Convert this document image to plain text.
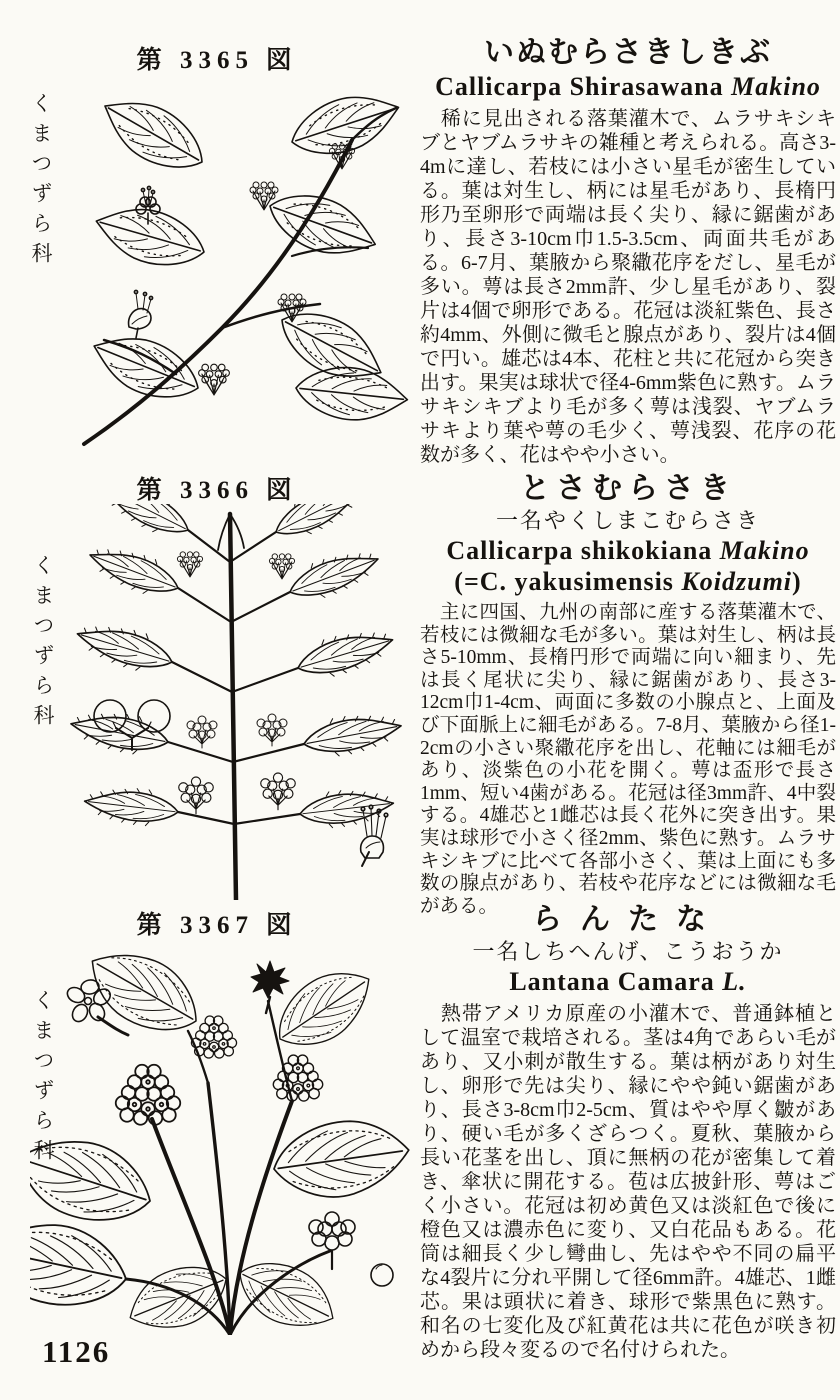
第 3365 図
くまつずら科
いぬむらさきしきぶ
Callicarpa Shirasawana Makino

　稀に見出される落葉灌木で、ムラサキシキブとヤブムラサキの雑種と考えられる。高さ3-4mに達し、若枝には小さい星毛が密生している。葉は対生し、柄には星毛があり、長楕円形乃至卵形で両端は長く尖り、縁に鋸歯があり、長さ3-10cm巾1.5-3.5cm、両面共毛がある。6-7月、葉腋から聚繖花序をだし、星毛が多い。萼は長さ2mm許、少し星毛があり、裂片は4個で卵形である。花冠は淡紅紫色、長さ約4mm、外側に微毛と腺点があり、裂片は4個で円い。雄芯は4本、花柱と共に花冠から突き出す。果実は球状で径4-6mm紫色に熟す。ムラサキシキブより毛が多く萼は浅裂、ヤブムラサキより葉や萼の毛少く、萼浅裂、花序の花数が多く、花はやや小さい。

第 3366 図
くまつずら科
とさむらさき
一名やくしまこむらさき
Callicarpa shikokiana Makino
(=C. yakusimensis Koidzumi)

　主に四国、九州の南部に産する落葉灌木で、若枝には微細な毛が多い。葉は対生し、柄は長さ5-10mm、長楕円形で両端に向い細まり、先は長く尾状に尖り、縁に鋸歯があり、長さ3-12cm巾1-4cm、両面に多数の小腺点と、上面及び下面脈上に細毛がある。7-8月、葉腋から径1-2cmの小さい聚繖花序を出し、花軸には細毛があり、淡紫色の小花を開く。萼は盃形で長さ1mm、短い4歯がある。花冠は径3mm許、4中裂する。4雄芯と1雌芯は長く花外に突き出す。果実は球形で小さく径2mm、紫色に熟す。ムラサキシキブに比べて各部小さく、葉は上面にも多数の腺点があり、若枝や花序などには微細な毛がある。

第 3367 図
くまつずら科
らんたな
一名しちへんげ、こうおうか
Lantana Camara L.

　熱帯アメリカ原産の小灌木で、普通鉢植として温室で栽培される。茎は4角であらい毛があり、又小刺が散生する。葉は柄があり対生し、卵形で先は尖り、縁にやや鈍い鋸歯があり、長さ3-8cm巾2-5cm、質はやや厚く皺があり、硬い毛が多くざらつく。夏秋、葉腋から長い花茎を出し、頂に無柄の花が密集して着き、傘状に開花する。苞は広披針形、萼はごく小さい。花冠は初め黄色又は淡紅色で後に橙色又は濃赤色に変り、又白花品もある。花筒は細長く少し彎曲し、先はやや不同の扁平な4裂片に分れ平開して径6mm許。4雄芯、1雌芯。果は頭状に着き、球形で紫黒色に熟す。和名の七変化及び紅黄花は共に花色が咲き初めから段々変るので名付けられた。

1126
